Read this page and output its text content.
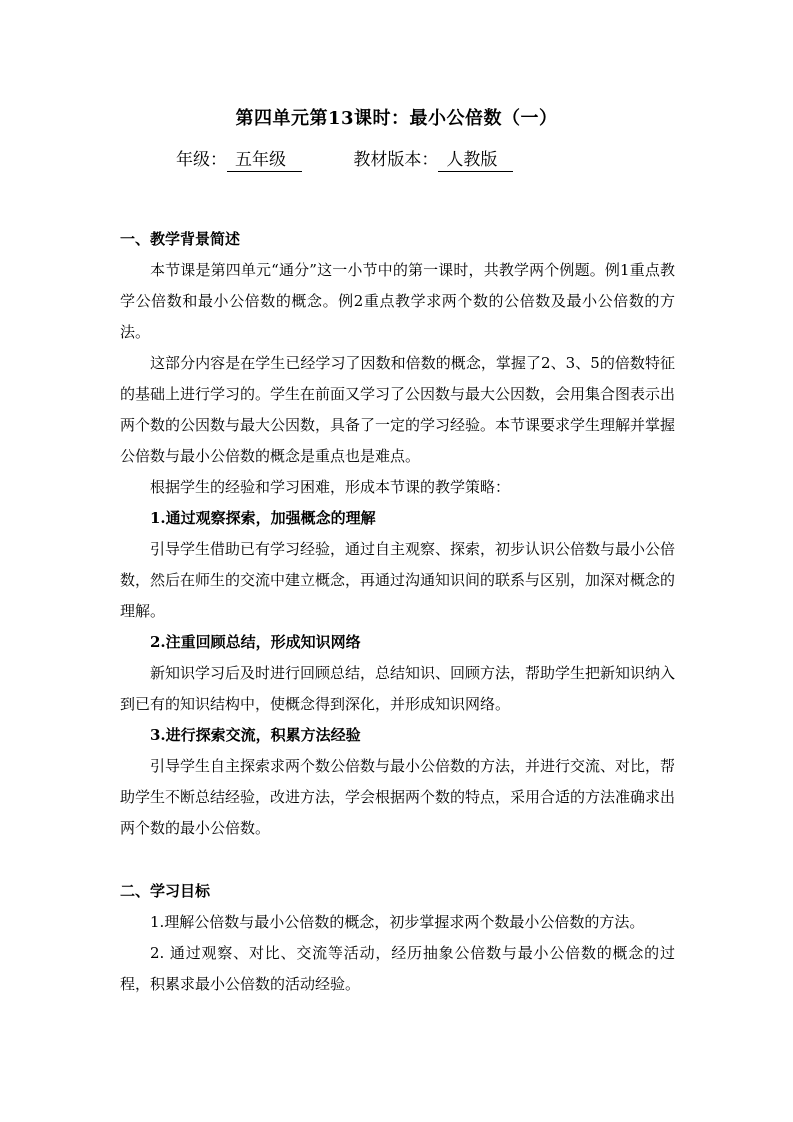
第四单元第13课时：最小公倍数（一）
年级： 五年级	教材版本： 人教版

一、教学背景简述

本节课是第四单元“通分”这一小节中的第一课时，共教学两个例题。例1重点教学公倍数和最小公倍数的概念。例2重点教学求两个数的公倍数及最小公倍数的方法。

这部分内容是在学生已经学习了因数和倍数的概念，掌握了2、3、5的倍数特征的基础上进行学习的。学生在前面又学习了公因数与最大公因数，会用集合图表示出两个数的公因数与最大公因数，具备了一定的学习经验。本节课要求学生理解并掌握公倍数与最小公倍数的概念是重点也是难点。

根据学生的经验和学习困难，形成本节课的教学策略：

1.通过观察探索，加强概念的理解

引导学生借助已有学习经验，通过自主观察、探索，初步认识公倍数与最小公倍数，然后在师生的交流中建立概念，再通过沟通知识间的联系与区别，加深对概念的理解。

2.注重回顾总结，形成知识网络

新知识学习后及时进行回顾总结，总结知识、回顾方法，帮助学生把新知识纳入到已有的知识结构中，使概念得到深化，并形成知识网络。

3.进行探索交流，积累方法经验

引导学生自主探索求两个数公倍数与最小公倍数的方法，并进行交流、对比，帮助学生不断总结经验，改进方法，学会根据两个数的特点，采用合适的方法准确求出两个数的最小公倍数。

二、学习目标

1.理解公倍数与最小公倍数的概念，初步掌握求两个数最小公倍数的方法。

2. 通过观察、对比、交流等活动，经历抽象公倍数与最小公倍数的概念的过程，积累求最小公倍数的活动经验。
